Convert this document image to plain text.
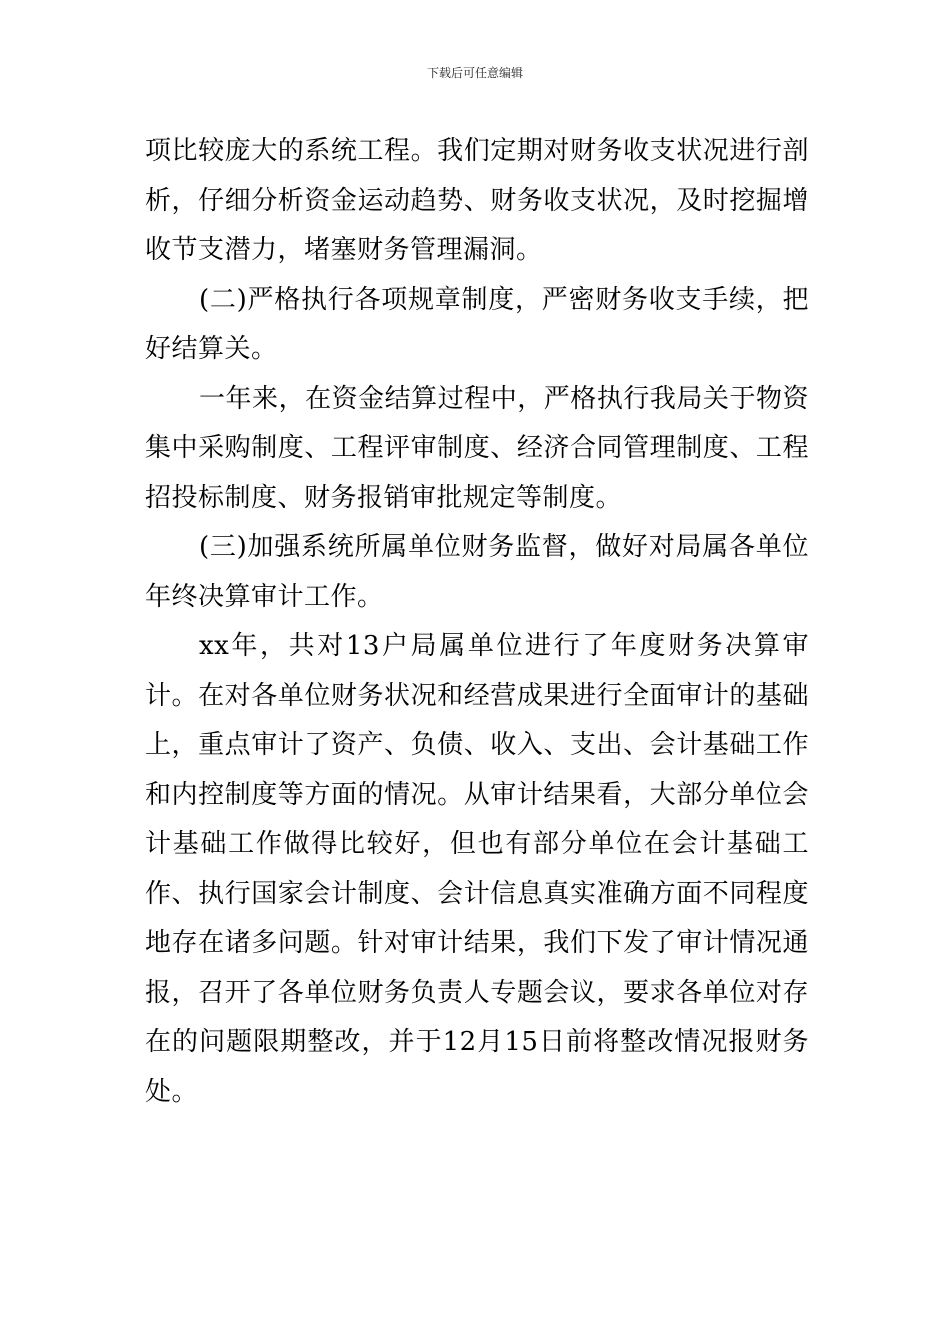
下载后可任意编辑

项比较庞大的系统工程。我们定期对财务收支状况进行剖析，仔细分析资金运动趋势、财务收支状况，及时挖掘增收节支潜力，堵塞财务管理漏洞。

(二)严格执行各项规章制度，严密财务收支手续，把好结算关。

一年来，在资金结算过程中，严格执行我局关于物资集中采购制度、工程评审制度、经济合同管理制度、工程招投标制度、财务报销审批规定等制度。

(三)加强系统所属单位财务监督，做好对局属各单位年终决算审计工作。

xx年，共对13户局属单位进行了年度财务决算审计。在对各单位财务状况和经营成果进行全面审计的基础上，重点审计了资产、负债、收入、支出、会计基础工作和内控制度等方面的情况。从审计结果看，大部分单位会计基础工作做得比较好，但也有部分单位在会计基础工作、执行国家会计制度、会计信息真实准确方面不同程度地存在诸多问题。针对审计结果，我们下发了审计情况通报，召开了各单位财务负责人专题会议，要求各单位对存在的问题限期整改，并于12月15日前将整改情况报财务处。
